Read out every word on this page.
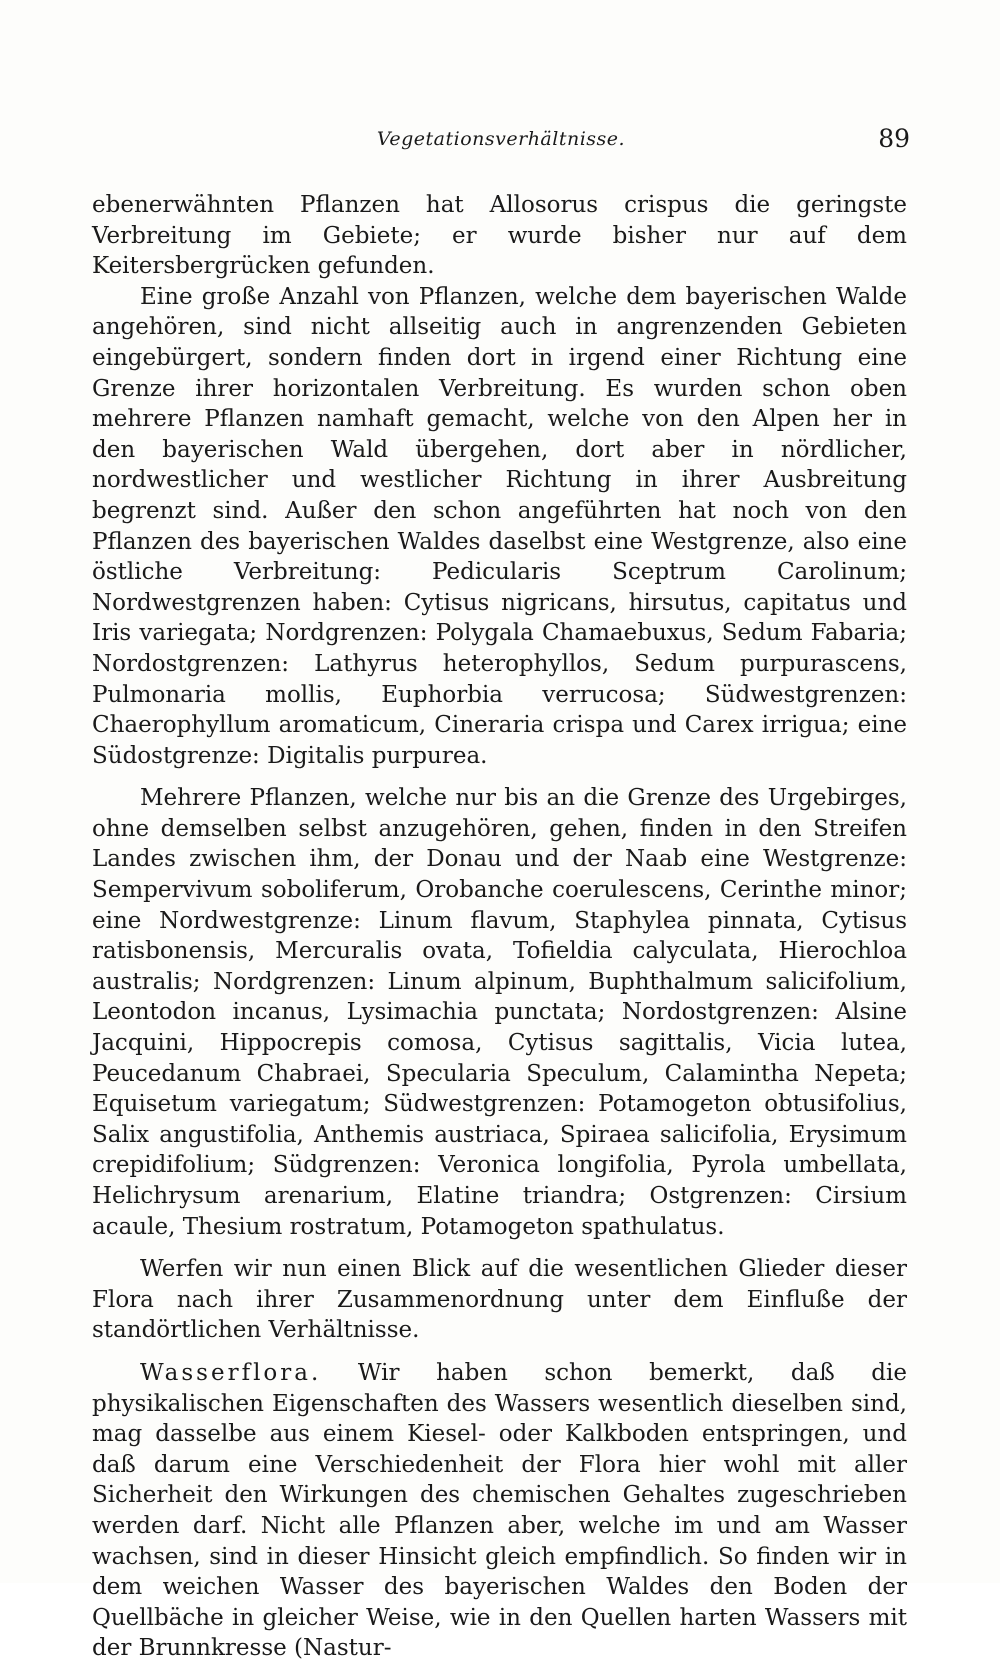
Vegetationsverhältnisse.	89

ebenerwähnten Pflanzen hat Allosorus crispus die geringste Verbreitung im Gebiete; er wurde bisher nur auf dem Keitersbergrücken gefunden.

Eine große Anzahl von Pflanzen, welche dem bayerischen Walde angehören, sind nicht allseitig auch in angrenzenden Gebieten eingebürgert, sondern finden dort in irgend einer Richtung eine Grenze ihrer horizontalen Verbreitung. Es wurden schon oben mehrere Pflanzen namhaft gemacht, welche von den Alpen her in den bayerischen Wald übergehen, dort aber in nördlicher, nordwestlicher und westlicher Richtung in ihrer Ausbreitung begrenzt sind. Außer den schon angeführten hat noch von den Pflanzen des bayerischen Waldes daselbst eine Westgrenze, also eine östliche Verbreitung: Pedicularis Sceptrum Carolinum; Nordwestgrenzen haben: Cytisus nigricans, hirsutus, capitatus und Iris variegata; Nordgrenzen: Polygala Chamaebuxus, Sedum Fabaria; Nordostgrenzen: Lathyrus heterophyllos, Sedum purpurascens, Pulmonaria mollis, Euphorbia verrucosa; Südwestgrenzen: Chaerophyllum aromaticum, Cineraria crispa und Carex irrigua; eine Südostgrenze: Digitalis purpurea.

Mehrere Pflanzen, welche nur bis an die Grenze des Urgebirges, ohne demselben selbst anzugehören, gehen, finden in den Streifen Landes zwischen ihm, der Donau und der Naab eine Westgrenze: Sempervivum soboliferum, Orobanche coerulescens, Cerinthe minor; eine Nordwestgrenze: Linum flavum, Staphylea pinnata, Cytisus ratisbonensis, Mercuralis ovata, Tofieldia calyculata, Hierochloa australis; Nordgrenzen: Linum alpinum, Buphthalmum salicifolium, Leontodon incanus, Lysimachia punctata; Nordostgrenzen: Alsine Jacquini, Hippocrepis comosa, Cytisus sagittalis, Vicia lutea, Peucedanum Chabraei, Specularia Speculum, Calamintha Nepeta; Equisetum variegatum; Südwestgrenzen: Potamogeton obtusifolius, Salix angustifolia, Anthemis austriaca, Spiraea salicifolia, Erysimum crepidifolium; Südgrenzen: Veronica longifolia, Pyrola umbellata, Helichrysum arenarium, Elatine triandra; Ostgrenzen: Cirsium acaule, Thesium rostratum, Potamogeton spathulatus.

Werfen wir nun einen Blick auf die wesentlichen Glieder dieser Flora nach ihrer Zusammenordnung unter dem Einfluße der standörtlichen Verhältnisse.

Wasserflora. Wir haben schon bemerkt, daß die physikalischen Eigenschaften des Wassers wesentlich dieselben sind, mag dasselbe aus einem Kiesel- oder Kalkboden entspringen, und daß darum eine Verschiedenheit der Flora hier wohl mit aller Sicherheit den Wirkungen des chemischen Gehaltes zugeschrieben werden darf. Nicht alle Pflanzen aber, welche im und am Wasser wachsen, sind in dieser Hinsicht gleich empfindlich. So finden wir in dem weichen Wasser des bayerischen Waldes den Boden der Quellbäche in gleicher Weise, wie in den Quellen harten Wassers mit der Brunnkresse (Nastur-
